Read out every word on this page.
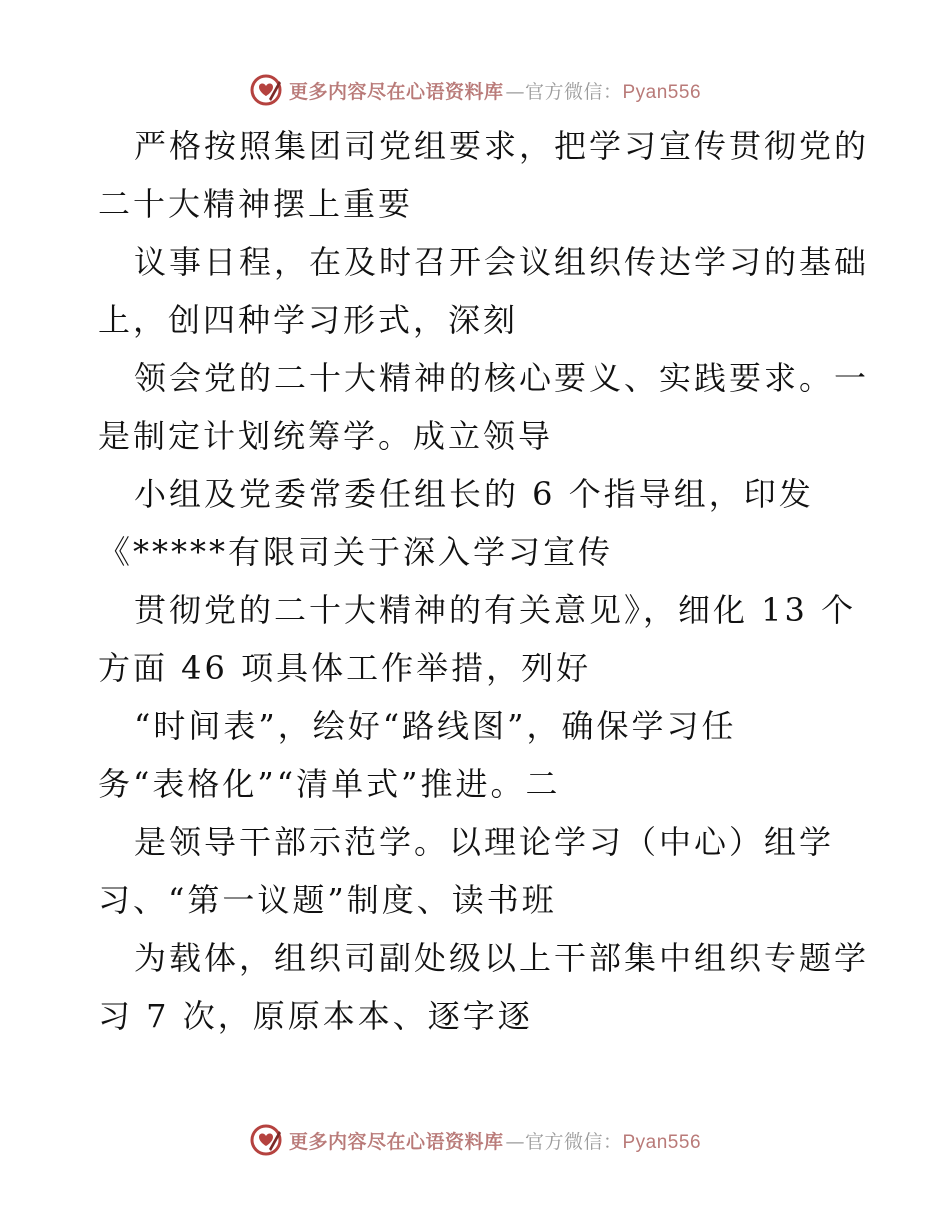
更多内容尽在心语资料库 —官方微信：Pyan556
严格按照集团司党组要求，把学习宣传贯彻党的
二十大精神摆上重要
议事日程，在及时召开会议组织传达学习的基础
上，创四种学习形式，深刻
领会党的二十大精神的核心要义、实践要求。一
是制定计划统筹学。成立领导
小组及党委常委任组长的 6 个指导组，印发
《*****有限司关于深入学习宣传
贯彻党的二十大精神的有关意见》，细化 13 个
方面 46 项具体工作举措，列好
“时间表”，绘好“路线图”，确保学习任
务“表格化”“清单式”推进。二
是领导干部示范学。以理论学习（中心）组学
习、“第一议题”制度、读书班
为载体，组织司副处级以上干部集中组织专题学
习 7 次，原原本本、逐字逐
更多内容尽在心语资料库 —官方微信：Pyan556
